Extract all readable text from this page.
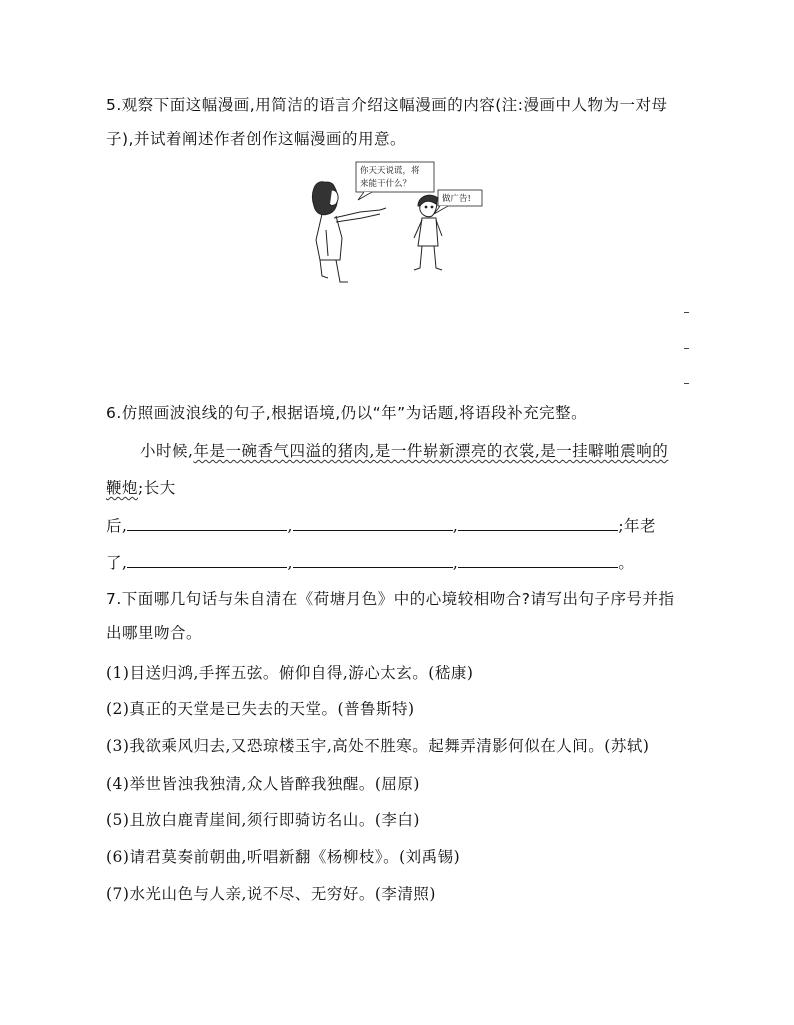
5.观察下面这幅漫画,用简洁的语言介绍这幅漫画的内容(注:漫画中人物为一对母
子),并试着阐述作者创作这幅漫画的用意。
你天天说谎，将
来能干什么？
做广告!
6.仿照画波浪线的句子,根据语境,仍以“年”为话题,将语段补充完整。
小时候,年是一碗香气四溢的猪肉,是一件崭新漂亮的衣裳,是一挂噼啪震响的
鞭炮;长大
后,	,	,	;年老
了,	,	,	。
7.下面哪几句话与朱自清在《荷塘月色》中的心境较相吻合?请写出句子序号并指
出哪里吻合。
(1)目送归鸿,手挥五弦。俯仰自得,游心太玄。(嵇康)
(2)真正的天堂是已失去的天堂。(普鲁斯特)
(3)我欲乘风归去,又恐琼楼玉宇,高处不胜寒。起舞弄清影何似在人间。(苏轼)
(4)举世皆浊我独清,众人皆醉我独醒。(屈原)
(5)且放白鹿青崖间,须行即骑访名山。(李白)
(6)请君莫奏前朝曲,听唱新翻《杨柳枝》。(刘禹锡)
(7)水光山色与人亲,说不尽、无穷好。(李清照)
